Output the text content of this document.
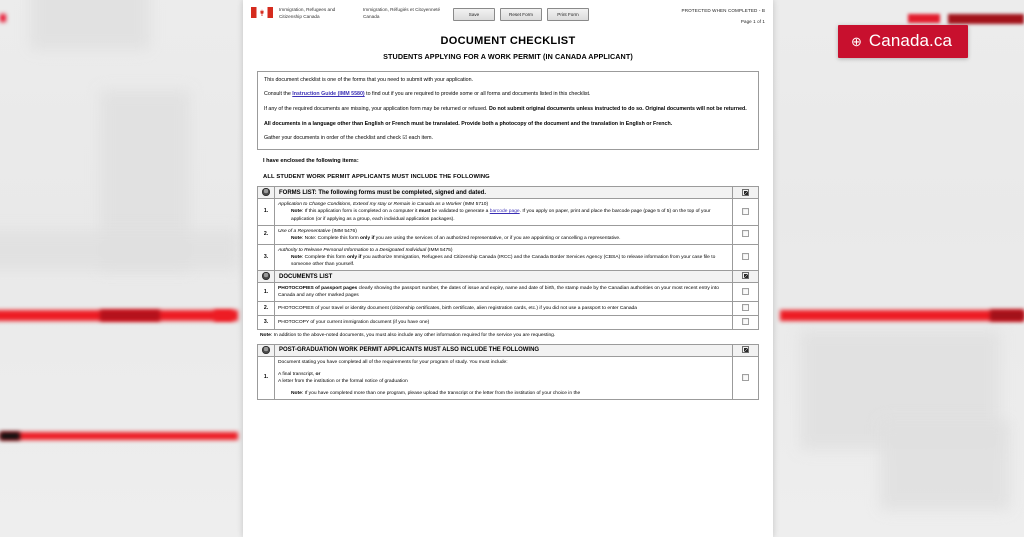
Immigration, Refugees and Citizenship Canada
Immigration, Réfugiés et Citoyenneté Canada	Save	Reset Form	Print Form
PROTECTED WHEN COMPLETED - B
Page 1 of 1
DOCUMENT CHECKLIST
STUDENTS APPLYING FOR A WORK PERMIT (IN CANADA APPLICANT)

This document checklist is one of the forms that you need to submit with your application.

Consult the Instruction Guide (IMM 5580) to find out if you are required to provide some or all forms and documents listed in this checklist.

If any of the required documents are missing, your application form may be returned or refused. Do not submit original documents unless instructed to do so. Original documents will not be returned.

All documents in a language other than English or French must be translated. Provide both a photocopy of the document and the translation in English or French.

Gather your documents in order of the checklist and check ☑ each item.

I have enclosed the following items:
ALL STUDENT WORK PERMIT APPLICANTS MUST INCLUDE THE FOLLOWING
	FORMS LIST: The following forms must be completed, signed and dated.	
1.	Application to Change Conditions, Extend my stay or Remain in Canada as a Worker (IMM 5710)
Note: If this application form is completed on a computer it must be validated to generate a barcode page. If you apply on paper, print and place the barcode page (page 5 of 5) on the top of your application (or if applying as a group, each individual application packages).	

2.	Use of a Representative (IMM 5476)
Note: Note: Complete this form only if you are using the services of an authorized representative, or if you are appointing or cancelling a representative.	

3.	Authority to Release Personal Information to a Designated Individual (IMM 5475)
Note: Complete this form only if you authorize Immigration, Refugees and Citizenship Canada (IRCC) and the Canada Border Services Agency (CBSA) to release information from your case file to someone other than yourself.	

	DOCUMENTS LIST	
1.	PHOTOCOPIES of passport pages clearly showing the passport number, the dates of issue and expiry, name and date of birth, the stamp made by the Canadian authorities on your most recent entry into Canada and any other marked pages	
2.	PHOTOCOPIES of your travel or identity document (citizenship certificates, birth certificate, alien registration cards, etc.) if you did not use a passport to enter Canada	
3.	PHOTOCOPY of your current immigration document (if you have one)	
Note: In addition to the above-noted documents, you must also include any other information required for the service you are requesting.
	POST-GRADUATION WORK PERMIT APPLICANTS MUST ALSO INCLUDE THE FOLLOWING	
1.	Document stating you have completed all of the requirements for your program of study. You must include:
A final transcript, or
A letter from the institution or the formal notice of graduation
Note: If you have completed more than one program, please upload the transcript or the letter from the institution of your choice in the	

⊕ Canada.ca
